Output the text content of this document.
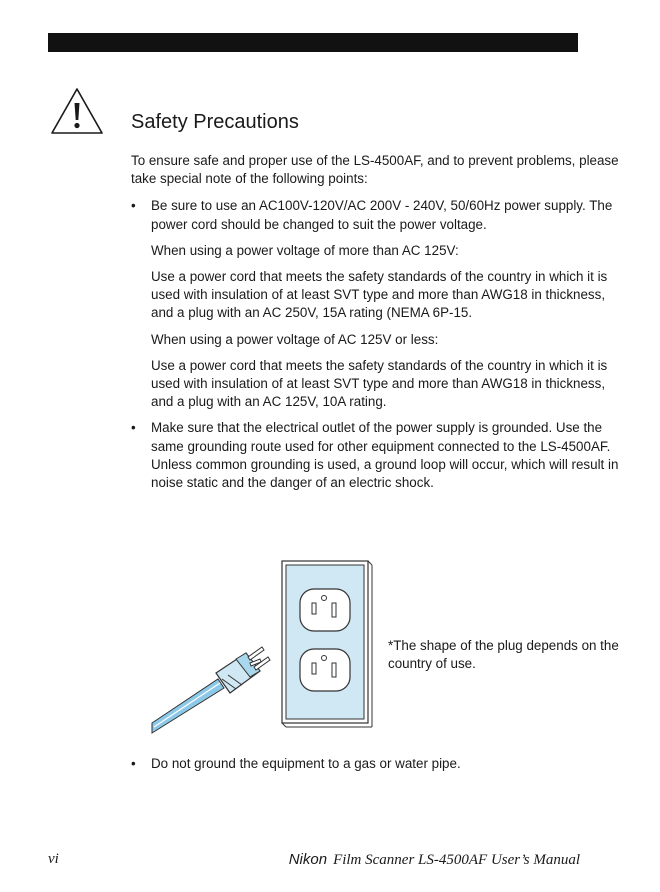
Safety Precautions

To ensure safe and proper use of the LS-4500AF, and to prevent problems, please take special note of the following points:

• Be sure to use an AC100V-120V/AC 200V - 240V, 50/60Hz power supply. The power cord should be changed to suit the power voltage.

When using a power voltage of more than AC 125V:

Use a power cord that meets the safety standards of the country in which it is used with insulation of at least SVT type and more than AWG18 in thickness, and a plug with an AC 250V, 15A rating (NEMA 6P-15.

When using a power voltage of AC 125V or less:

Use a power cord that meets the safety standards of the country in which it is used with insulation of at least SVT type and more than AWG18 in thickness, and a plug with an AC 125V, 10A rating.

• Make sure that the electrical outlet of the power supply is grounded. Use the same grounding route used for other equipment connected to the LS-4500AF. Unless common grounding is used, a ground loop will occur, which will result in noise static and the danger of an electric shock.

*The shape of the plug depends on the country of use.

• Do not ground the equipment to a gas or water pipe.

vi	Nikon Film Scanner LS-4500AF User’s Manual
